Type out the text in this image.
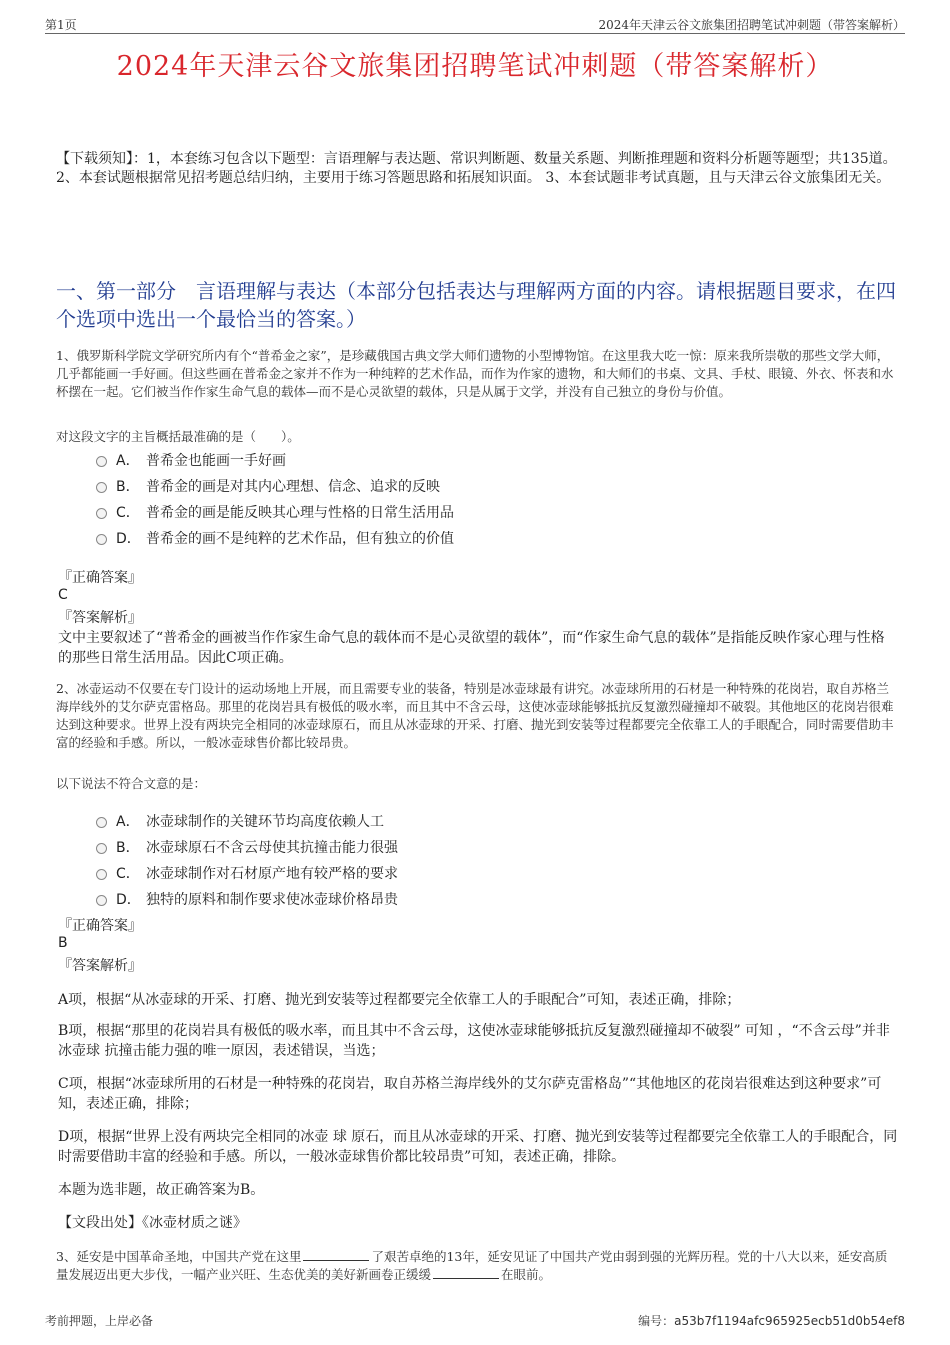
第1页	2024年天津云谷文旅集团招聘笔试冲刺题（带答案解析）
2024年天津云谷文旅集团招聘笔试冲刺题（带答案解析）
【下载须知】：1，本套练习包含以下题型：言语理解与表达题、常识判断题、数量关系题、判断推理题和资料分析题等题型；共135道。 2、本套试题根据常见招考题总结归纳，主要用于练习答题思路和拓展知识面。 3、本套试题非考试真题，且与天津云谷文旅集团无关。
一、第一部分　言语理解与表达（本部分包括表达与理解两方面的内容。请根据题目要求，在四个选项中选出一个最恰当的答案。）
1、俄罗斯科学院文学研究所内有个“普希金之家”，是珍藏俄国古典文学大师们遗物的小型博物馆。在这里我大吃一惊：原来我所崇敬的那些文学大师，几乎都能画一手好画。但这些画在普希金之家并不作为一种纯粹的艺术作品，而作为作家的遗物，和大师们的书桌、文具、手杖、眼镜、外衣、怀表和水杯摆在一起。它们被当作作家生命气息的载体—而不是心灵欲望的载体，只是从属于文学，并没有自己独立的身份与价值。
对这段文字的主旨概括最准确的是（　　）。
A． 普希金也能画一手好画
B． 普希金的画是对其内心理想、信念、追求的反映
C． 普希金的画是能反映其心理与性格的日常生活用品
D． 普希金的画不是纯粹的艺术作品，但有独立的价值
『正确答案』
C
『答案解析』
文中主要叙述了“普希金的画被当作作家生命气息的载体而不是心灵欲望的载体”，而“作家生命气息的载体”是指能反映作家心理与性格的那些日常生活用品。因此C项正确。
2、冰壶运动不仅要在专门设计的运动场地上开展，而且需要专业的装备，特别是冰壶球最有讲究。冰壶球所用的石材是一种特殊的花岗岩，取自苏格兰海岸线外的艾尔萨克雷格岛。那里的花岗岩具有极低的吸水率，而且其中不含云母，这使冰壶球能够抵抗反复激烈碰撞却不破裂。其他地区的花岗岩很难达到这种要求。世界上没有两块完全相同的冰壶球原石，而且从冰壶球的开采、打磨、抛光到安装等过程都要完全依靠工人的手眼配合，同时需要借助丰富的经验和手感。所以，一般冰壶球售价都比较昂贵。
以下说法不符合文意的是：
A． 冰壶球制作的关键环节均高度依赖人工
B． 冰壶球原石不含云母使其抗撞击能力很强
C． 冰壶球制作对石材原产地有较严格的要求
D． 独特的原料和制作要求使冰壶球价格昂贵
『正确答案』
B
『答案解析』
A项，根据“从冰壶球的开采、打磨、抛光到安装等过程都要完全依靠工人的手眼配合”可知，表述正确，排除；
B项，根据“那里的花岗岩具有极低的吸水率，而且其中不含云母，这使冰壶球能够抵抗反复激烈碰撞却不破裂” 可知 ，“不含云母”并非 冰壶球 抗撞击能力强的唯一原因，表述错误，当选；
C项，根据“冰壶球所用的石材是一种特殊的花岗岩，取自苏格兰海岸线外的艾尔萨克雷格岛”“其他地区的花岗岩很难达到这种要求”可知，表述正确，排除；
D项，根据“世界上没有两块完全相同的冰壶 球 原石，而且从冰壶球的开采、打磨、抛光到安装等过程都要完全依靠工人的手眼配合，同时需要借助丰富的经验和手感。所以，一般冰壶球售价都比较昂贵”可知，表述正确，排除。
本题为选非题，故正确答案为B。
【文段出处】《冰壶材质之谜》
3、延安是中国革命圣地，中国共产党在这里	了艰苦卓绝的13年，延安见证了中国共产党由弱到强的光辉历程。党的十八大以来，延安高质量发展迈出更大步伐，一幅产业兴旺、生态优美的美好新画卷正缓缓	在眼前。
考前押题，上岸必备	编号：a53b7f1194afc965925ecb51d0b54ef8
